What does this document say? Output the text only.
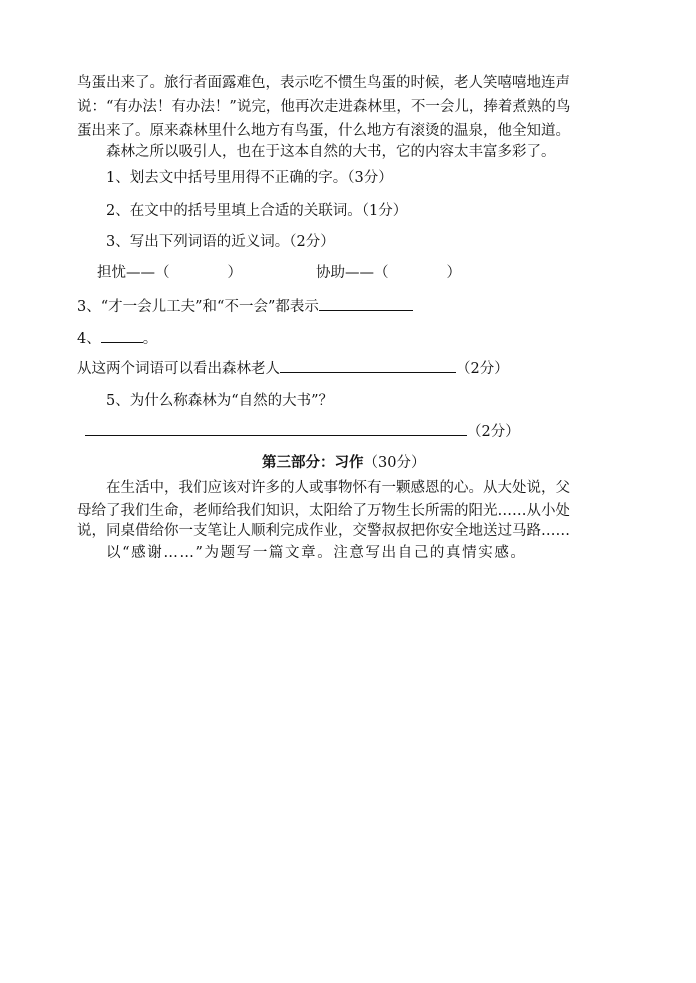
鸟蛋出来了。旅行者面露难色，表示吃不惯生鸟蛋的时候，老人笑嘻嘻地连声
说：“有办法！有办法！”说完，他再次走进森林里，不一会儿，捧着煮熟的鸟
蛋出来了。原来森林里什么地方有鸟蛋，什么地方有滚烫的温泉，他全知道。
森林之所以吸引人，也在于这本自然的大书，它的内容太丰富多彩了。
1、划去文中括号里用得不正确的字。（3分）
2、在文中的括号里填上合适的关联词。（1分）
3、写出下列词语的近义词。（2分）
担忧——（	）	协助——（	）
3、“才一会儿工夫”和“不一会”都表示
4、	。
从这两个词语可以看出森林老人	（2分）
5、为什么称森林为“自然的大书”？
（2分）
第三部分：习作（30分）
在生活中，我们应该对许多的人或事物怀有一颗感恩的心。从大处说，父
母给了我们生命，老师给我们知识，太阳给了万物生长所需的阳光……从小处
说，同桌借给你一支笔让人顺利完成作业，交警叔叔把你安全地送过马路……
以“感谢……”为题写一篇文章。注意写出自己的真情实感。
